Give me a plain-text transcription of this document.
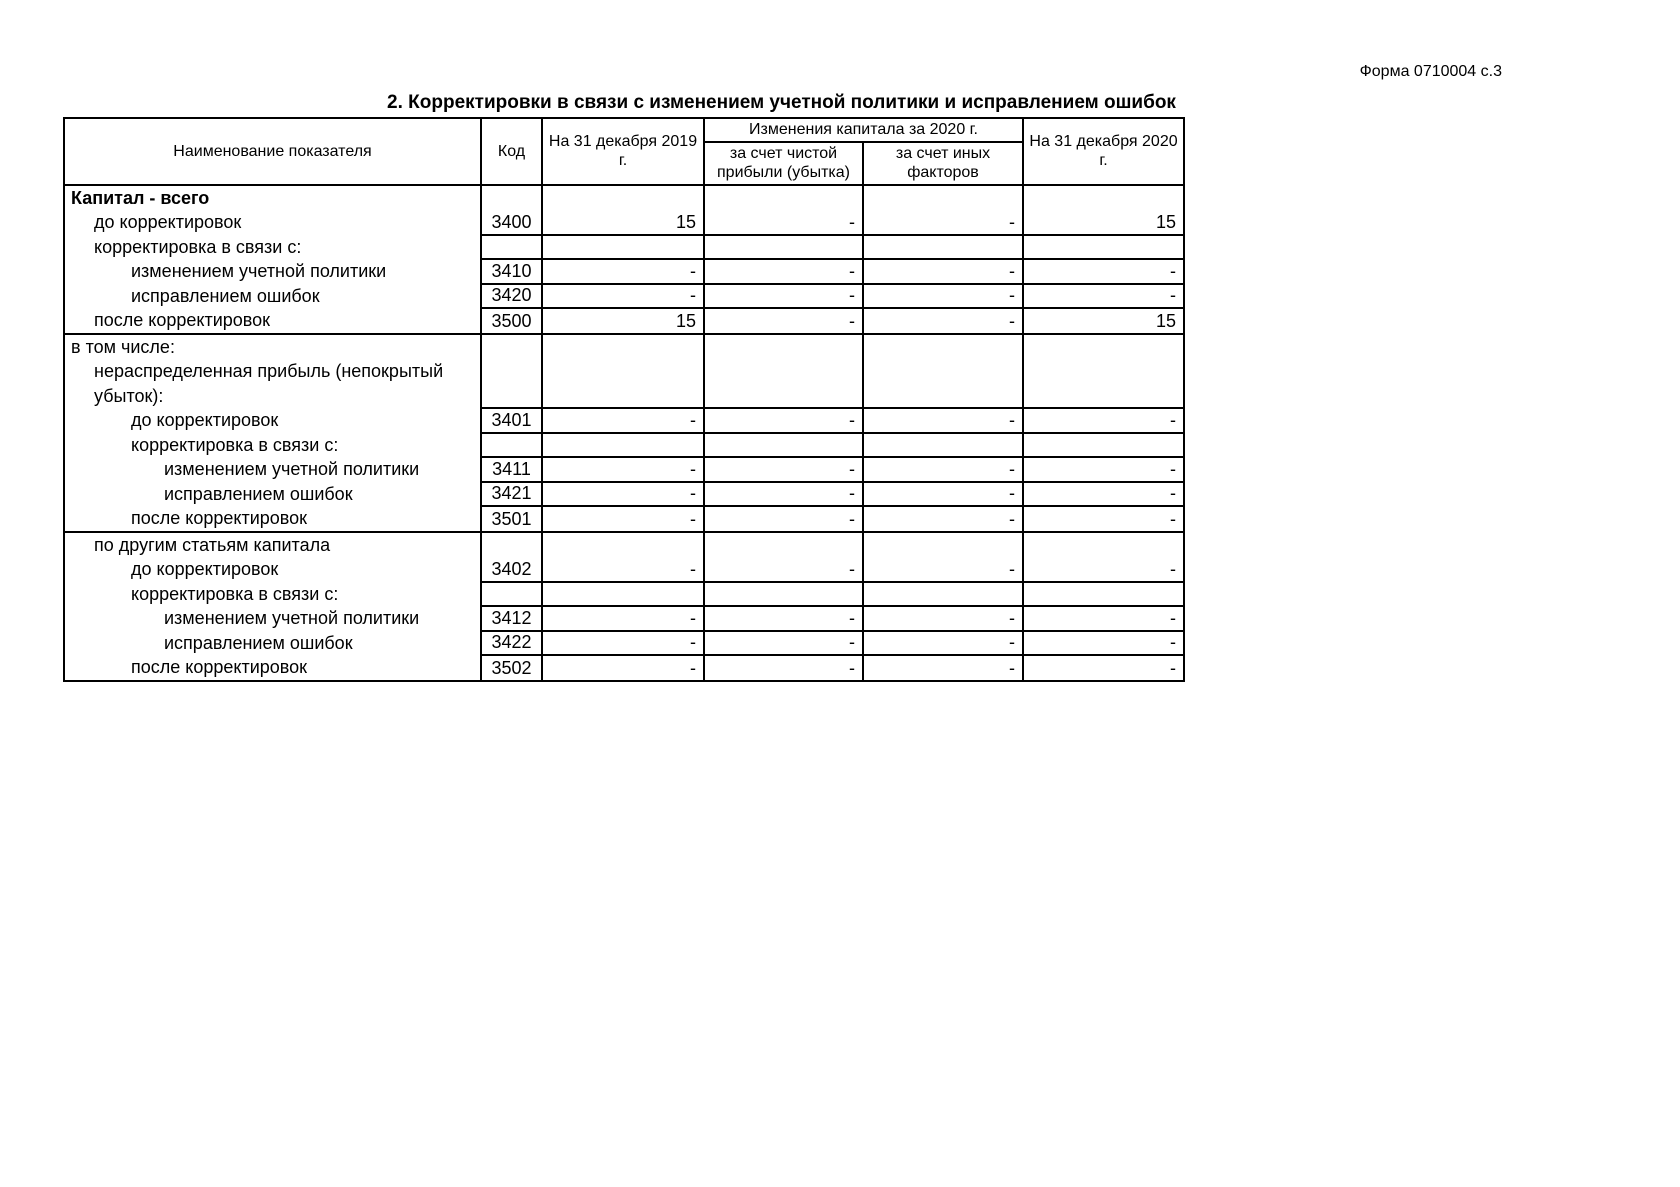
Форма 0710004 с.3
2. Корректировки в связи с изменением учетной политики и исправлением ошибок
Наименование показателя	Код	На 31 декабря 2019 г.	Изменения капитала за 2020 г.		На 31 декабря 2020 г.
			за счет чистой прибыли (убытка)	за счет иных факторов	

Капитал - всего
до корректировок	3400	15	-	-	15

корректировка в связи с:					

изменением учетной политики	3410	-	-	-	-

исправлением ошибок	3420	-	-	-	-

после корректировок	3500	15	-	-	15

в том числе:
нераспределенная прибыль (непокрытый убыток):					

до корректировок	3401	-	-	-	-

корректировка в связи с:					

изменением учетной политики	3411	-	-	-	-

исправлением ошибок	3421	-	-	-	-

после корректировок	3501	-	-	-	-

по другим статьям капитала
до корректировок	3402	-	-	-	-

корректировка в связи с:					

изменением учетной политики	3412	-	-	-	-

исправлением ошибок	3422	-	-	-	-

после корректировок	3502	-	-	-	-
